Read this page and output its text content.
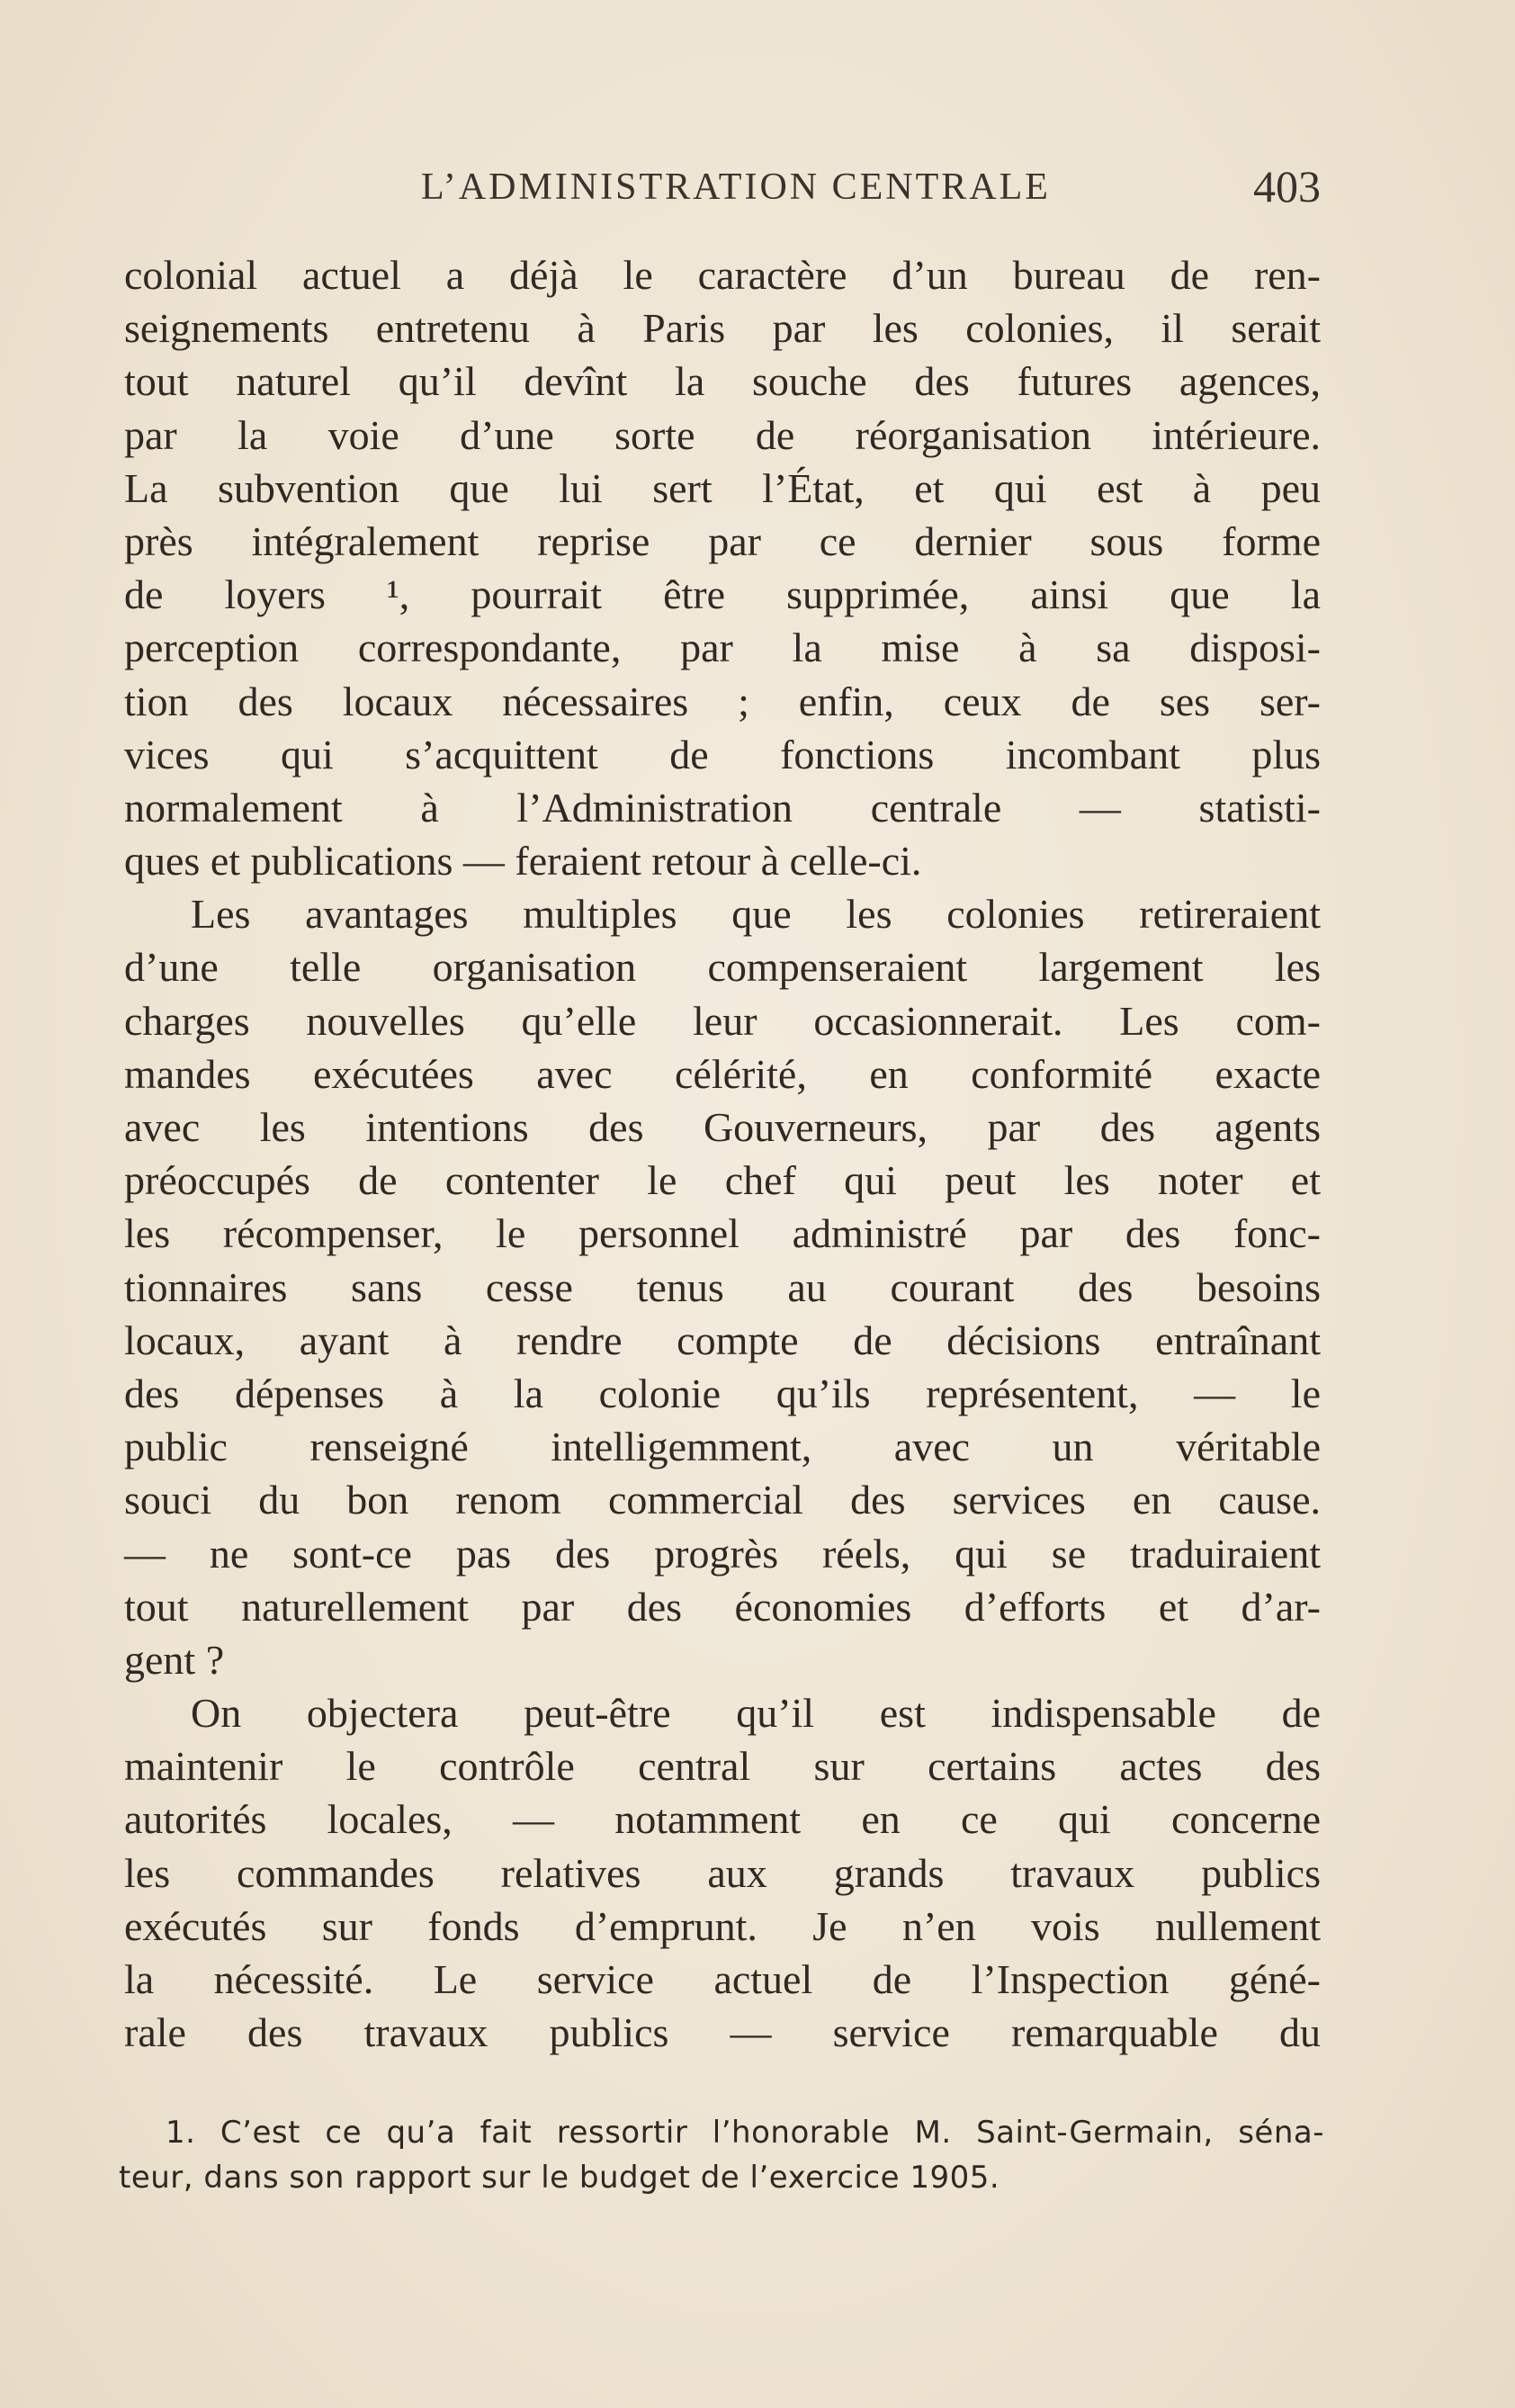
L’ADMINISTRATION CENTRALE	403
colonial actuel a déjà le caractère d’un bureau de ren-
seignements entretenu à Paris par les colonies, il serait
tout naturel qu’il devînt la souche des futures agences,
par la voie d’une sorte de réorganisation intérieure.
La subvention que lui sert l’État, et qui est à peu
près intégralement reprise par ce dernier sous forme
de loyers ¹, pourrait être supprimée, ainsi que la
perception correspondante, par la mise à sa disposi-
tion des locaux nécessaires ; enfin, ceux de ses ser-
vices qui s’acquittent de fonctions incombant plus
normalement à l’Administration centrale — statisti-
ques et publications — feraient retour à celle-ci.
Les avantages multiples que les colonies retireraient
d’une telle organisation compenseraient largement les
charges nouvelles qu’elle leur occasionnerait. Les com-
mandes exécutées avec célérité, en conformité exacte
avec les intentions des Gouverneurs, par des agents
préoccupés de contenter le chef qui peut les noter et
les récompenser, le personnel administré par des fonc-
tionnaires sans cesse tenus au courant des besoins
locaux, ayant à rendre compte de décisions entraînant
des dépenses à la colonie qu’ils représentent, — le
public renseigné intelligemment, avec un véritable
souci du bon renom commercial des services en cause.
— ne sont-ce pas des progrès réels, qui se traduiraient
tout naturellement par des économies d’efforts et d’ar-
gent ?
On objectera peut-être qu’il est indispensable de
maintenir le contrôle central sur certains actes des
autorités locales, — notamment en ce qui concerne
les commandes relatives aux grands travaux publics
exécutés sur fonds d’emprunt. Je n’en vois nullement
la nécessité. Le service actuel de l’Inspection géné-
rale des travaux publics — service remarquable du
1. C’est ce qu’a fait ressortir l’honorable M. Saint-Germain, séna-
teur, dans son rapport sur le budget de l’exercice 1905.
